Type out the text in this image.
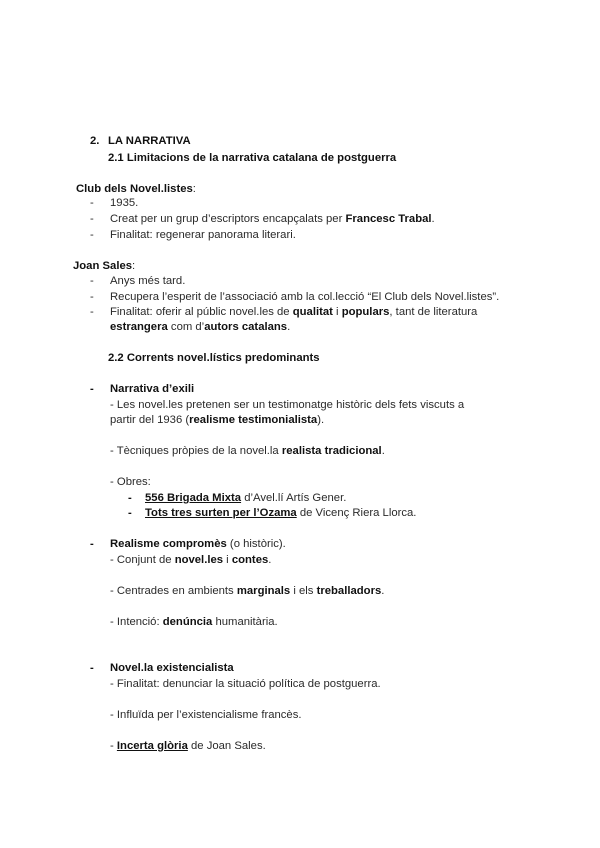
2. LA NARRATIVA
2.1 Limitacions de la narrativa catalana de postguerra
Club dels Novel.listes:
- 1935.
- Creat per un grup d’escriptors encapçalats per Francesc Trabal.
- Finalitat: regenerar panorama literari.
Joan Sales:
- Anys més tard.
- Recupera l’esperit de l’associació amb la col.lecció “El Club dels Novel.listes”.
- Finalitat: oferir al públic novel.les de qualitat i populars, tant de literatura
estrangera com d’autors catalans.
2.2 Corrents novel.lístics predominants
- Narrativa d’exili
- Les novel.les pretenen ser un testimonatge històric dels fets viscuts a
partir del 1936 (realisme testimonialista).
- Tècniques pròpies de la novel.la realista tradicional.
- Obres:
- 556 Brigada Mixta d’Avel.lí Artís Gener.
- Tots tres surten per l’Ozama de Vicenç Riera Llorca.
- Realisme compromès (o històric).
- Conjunt de novel.les i contes.
- Centrades en ambients marginals i els treballadors.
- Intenció: denúncia humanitària.
- Novel.la existencialista
- Finalitat: denunciar la situació política de postguerra.
- Influïda per l’existencialisme francès.
- Incerta glòria de Joan Sales.
